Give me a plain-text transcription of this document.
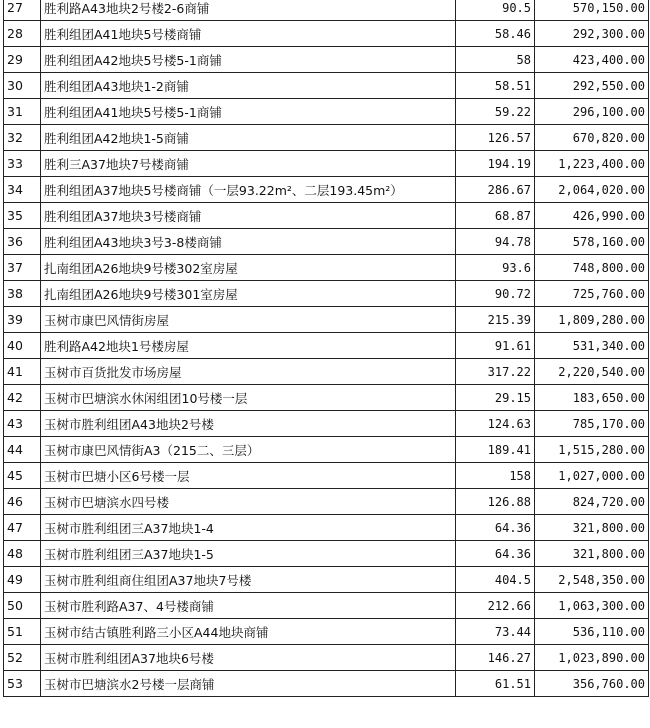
27	胜利路A43地块2号楼2-6商铺	90.5	570,150.00
28	胜利组团A41地块5号楼商铺	58.46	292,300.00
29	胜利组团A42地块5号楼5-1商铺	58	423,400.00
30	胜利组团A43地块1-2商铺	58.51	292,550.00
31	胜利组团A41地块5号楼5-1商铺	59.22	296,100.00
32	胜利组团A42地块1-5商铺	126.57	670,820.00
33	胜利三A37地块7号楼商铺	194.19	1,223,400.00
34	胜利组团A37地块5号楼商铺（一层93.22m²、二层193.45m²）	286.67	2,064,020.00
35	胜利组团A37地块3号楼商铺	68.87	426,990.00
36	胜利组团A43地块3号3-8楼商铺	94.78	578,160.00
37	扎南组团A26地块9号楼302室房屋	93.6	748,800.00
38	扎南组团A26地块9号楼301室房屋	90.72	725,760.00
39	玉树市康巴风情街房屋	215.39	1,809,280.00
40	胜利路A42地块1号楼房屋	91.61	531,340.00
41	玉树市百货批发市场房屋	317.22	2,220,540.00
42	玉树市巴塘滨水休闲组团10号楼一层	29.15	183,650.00
43	玉树市胜利组团A43地块2号楼	124.63	785,170.00
44	玉树市康巴风情街A3（215二、三层）	189.41	1,515,280.00
45	玉树市巴塘小区6号楼一层	158	1,027,000.00
46	玉树市巴塘滨水四号楼	126.88	824,720.00
47	玉树市胜利组团三A37地块1-4	64.36	321,800.00
48	玉树市胜利组团三A37地块1-5	64.36	321,800.00
49	玉树市胜利组商住组团A37地块7号楼	404.5	2,548,350.00
50	玉树市胜利路A37、4号楼商铺	212.66	1,063,300.00
51	玉树市结古镇胜利路三小区A44地块商铺	73.44	536,110.00
52	玉树市胜利组团A37地块6号楼	146.27	1,023,890.00
53	玉树市巴塘滨水2号楼一层商铺	61.51	356,760.00
